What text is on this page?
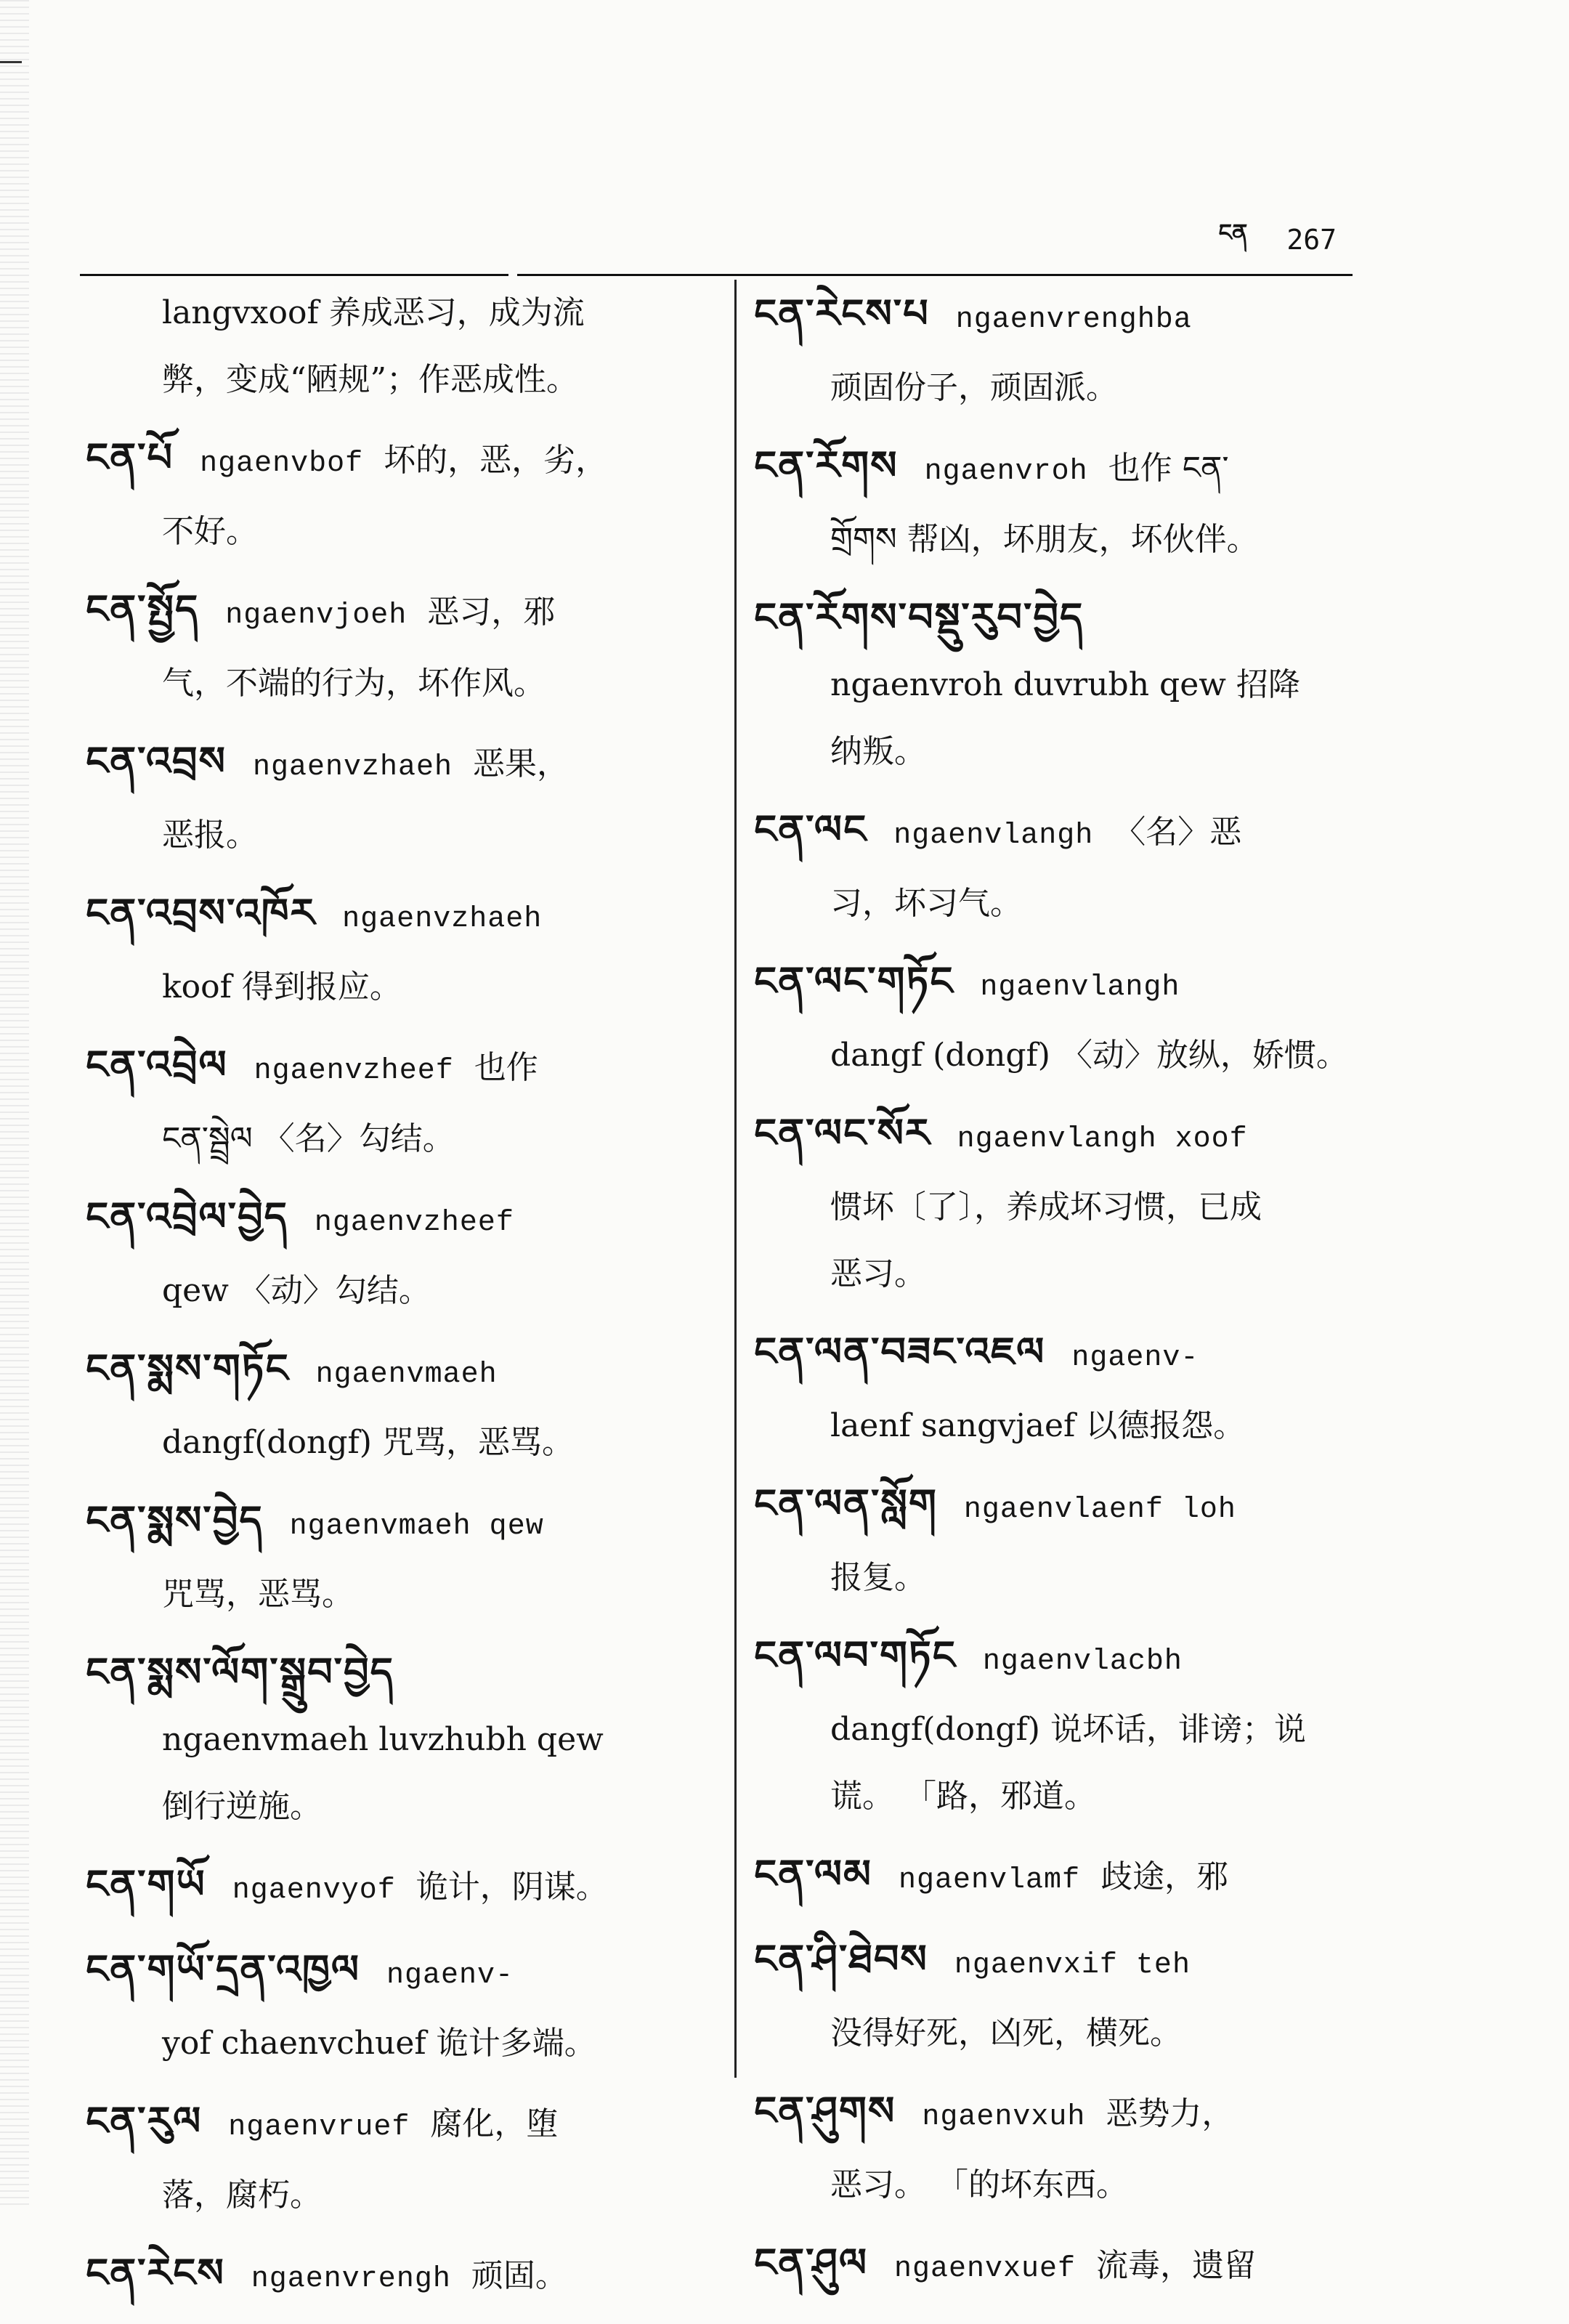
ངན 267
langvxoof 养成恶习，成为流
弊，变成“陋规”；作恶成性。
ངན་པོ ngaenvbof 坏的，恶，劣，
不好。
ངན་སྤྱོད ngaenvjoeh 恶习，邪
气，不端的行为，坏作风。
ངན་འབྲས ngaenvzhaeh 恶果，
恶报。
ངན་འབྲས་འཁོར ngaenvzhaeh
koof 得到报应。
ངན་འབྲེལ ngaenvzheef 也作
ངན་སྦྲེལ 〈名〉勾结。
ངན་འབྲེལ་བྱེད ngaenvzheef
qew 〈动〉勾结。
ངན་སྨས་གཏོང ngaenvmaeh
dangf(dongf) 咒骂，恶骂。
ངན་སྨས་བྱེད ngaenvmaeh qew
咒骂，恶骂。
ངན་སྨས་ལོག་སྒྲུབ་བྱེད
ngaenvmaeh luvzhubh qew
倒行逆施。
ངན་གཡོ ngaenvyof 诡计，阴谋。
ངན་གཡོ་དྲན་འཁྱལ ngaenv-
yof chaenvchuef 诡计多端。
ངན་རུལ ngaenvruef 腐化，堕
落，腐朽。
ངན་རེངས ngaenvrengh 顽固。
ངན་རེངས་པ ngaenvrenghba
顽固份子，顽固派。
ངན་རོགས ngaenvroh 也作 ངན་
གྲོགས 帮凶，坏朋友，坏伙伴。
ངན་རོགས་བསྡུ་རུབ་བྱེད
ngaenvroh duvrubh qew 招降
纳叛。
ངན་ལང ngaenvlangh 〈名〉恶
习，坏习气。
ངན་ལང་གཏོང ngaenvlangh
dangf (dongf) 〈动〉放纵，娇惯。
ངན་ལང་སོར ngaenvlangh xoof
惯坏〔了〕，养成坏习惯，已成
恶习。
ངན་ལན་བཟང་འཇལ ngaenv-
laenf sangvjaef 以德报怨。
ངན་ལན་སློག ngaenvlaenf loh
报复。
ངན་ལབ་གཏོང ngaenvlacbh
dangf(dongf) 说坏话，诽谤；说
谎。 「路，邪道。
ངན་ལམ ngaenvlamf 歧途，邪
ངན་ཤི་ཐེབས ngaenvxif teh
没得好死，凶死，横死。
ངན་ཤུགས ngaenvxuh 恶势力，
恶习。 「的坏东西。
ངན་ཤུལ ngaenvxuef 流毒，遗留
